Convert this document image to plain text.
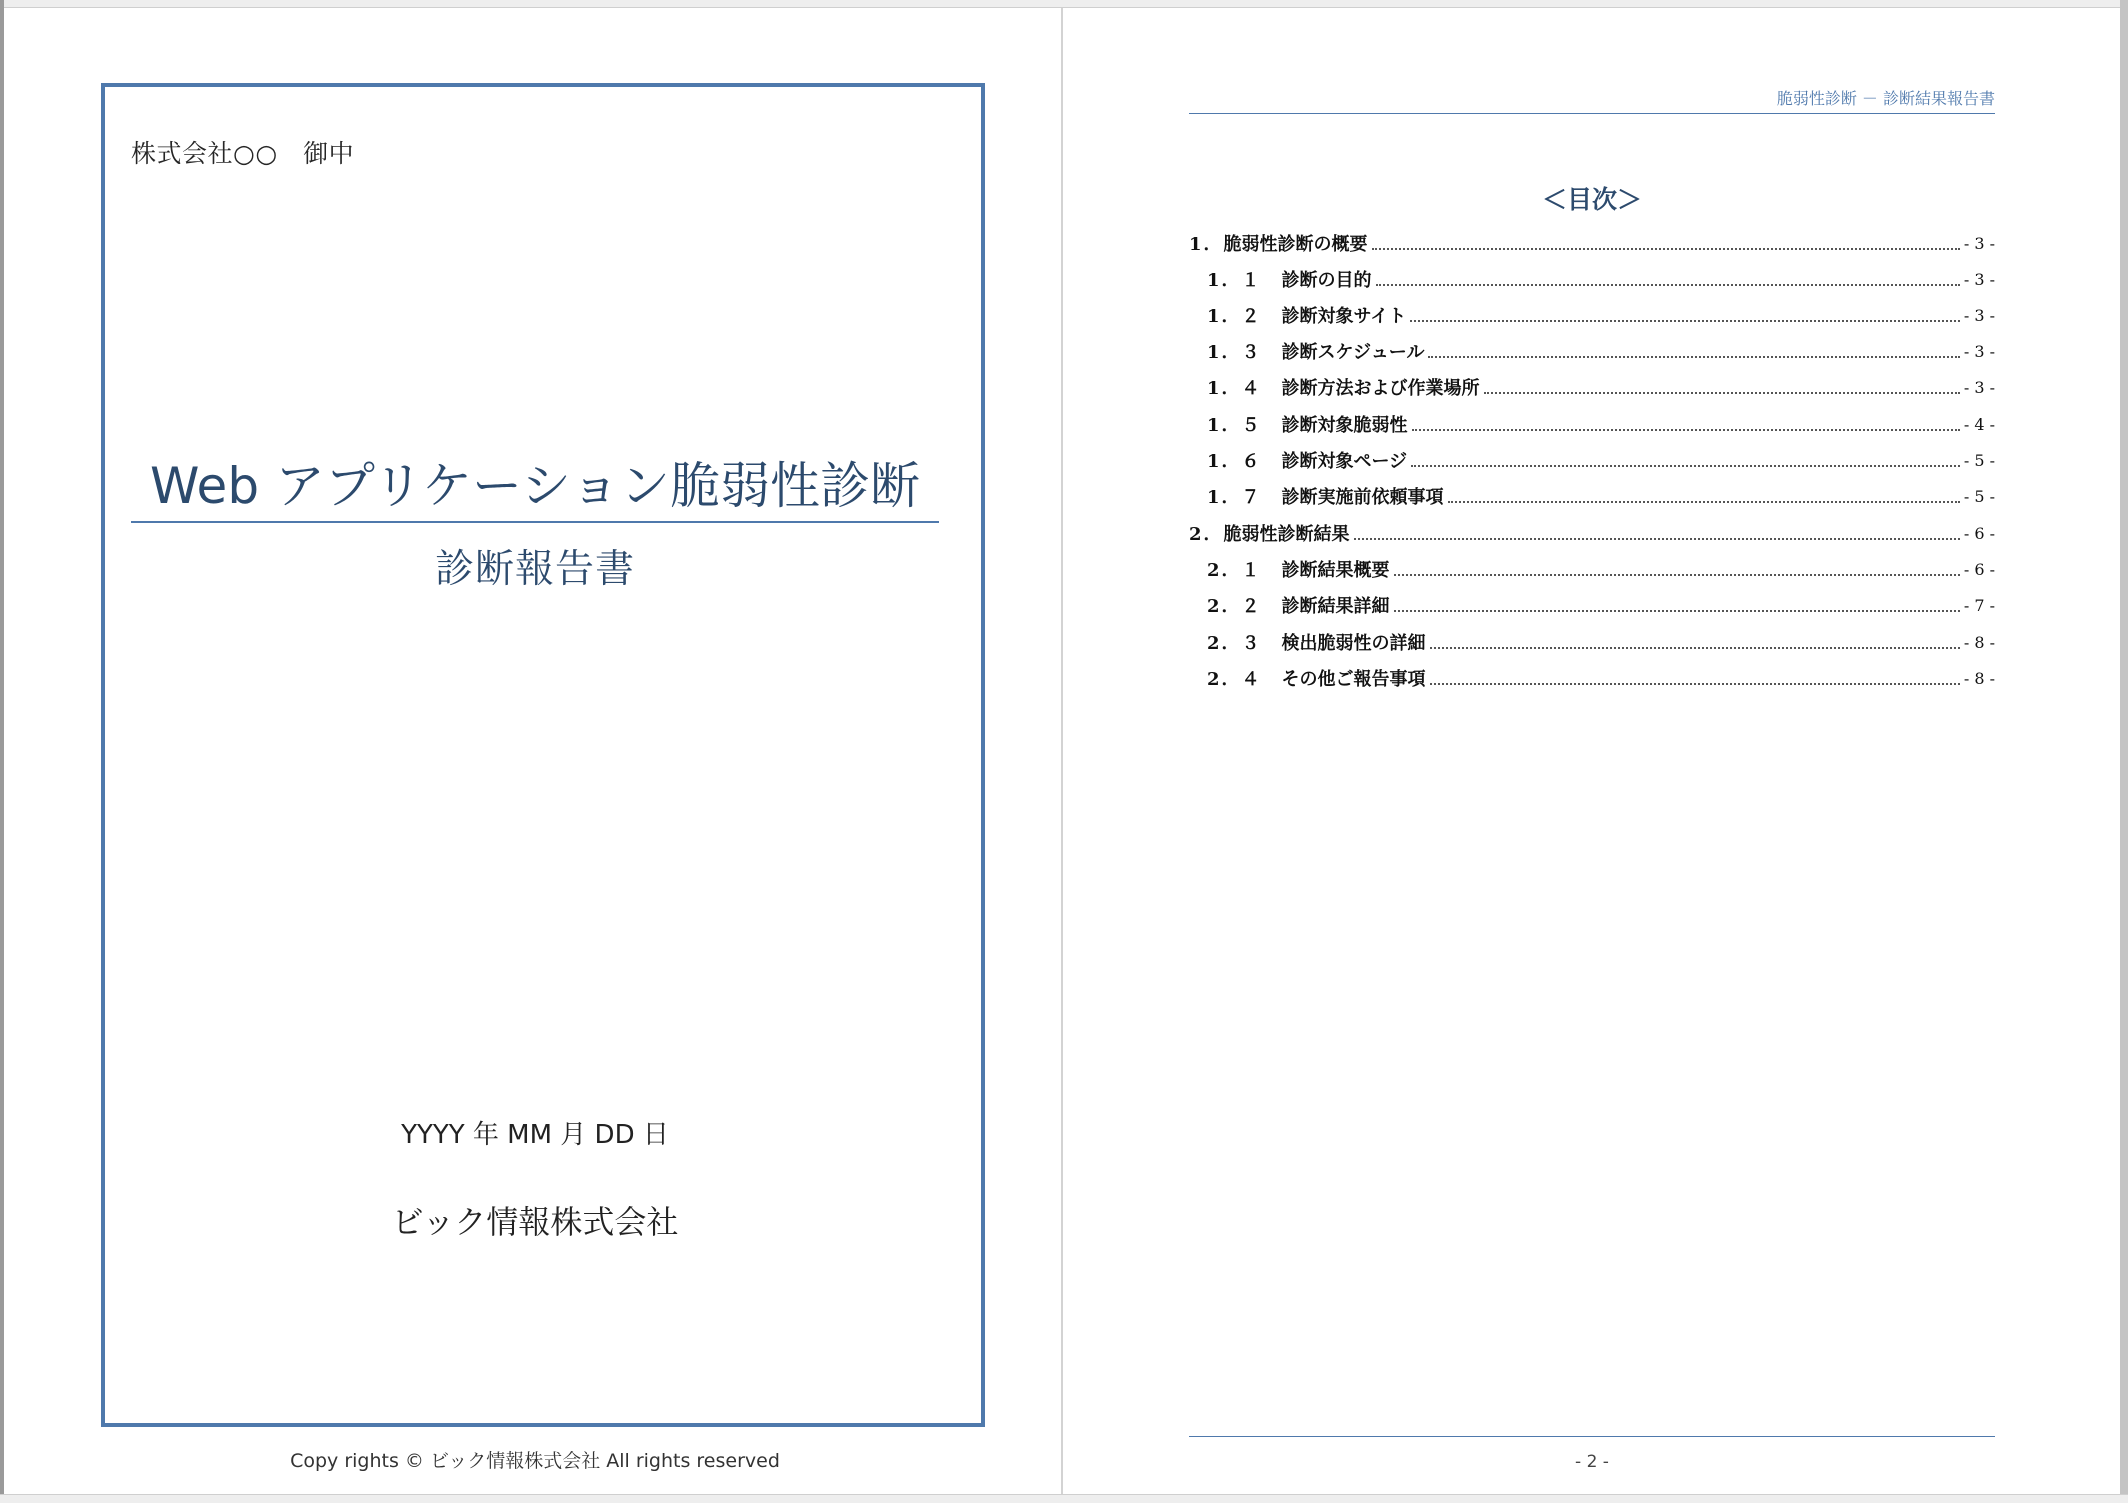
株式会社○○　御中
Web アプリケーション脆弱性診断
診断報告書
YYYY 年 MM 月 DD 日
ビック情報株式会社
Copy rights © ビック情報株式会社 All rights reserved
脆弱性診断 － 診断結果報告書
＜目次＞
1． 脆弱性診断の概要	- 3 -
1．１　 診断の目的	- 3 -
1．２　 診断対象サイト	- 3 -
1．３　 診断スケジュール	- 3 -
1．４　 診断方法および作業場所	- 3 -
1．５　 診断対象脆弱性	- 4 -
1．６　 診断対象ページ	- 5 -
1．７　 診断実施前依頼事項	- 5 -
2． 脆弱性診断結果	- 6 -
2．１　 診断結果概要	- 6 -
2．２　 診断結果詳細	- 7 -
2．３　 検出脆弱性の詳細	- 8 -
2．４　 その他ご報告事項	- 8 -
- 2 -
